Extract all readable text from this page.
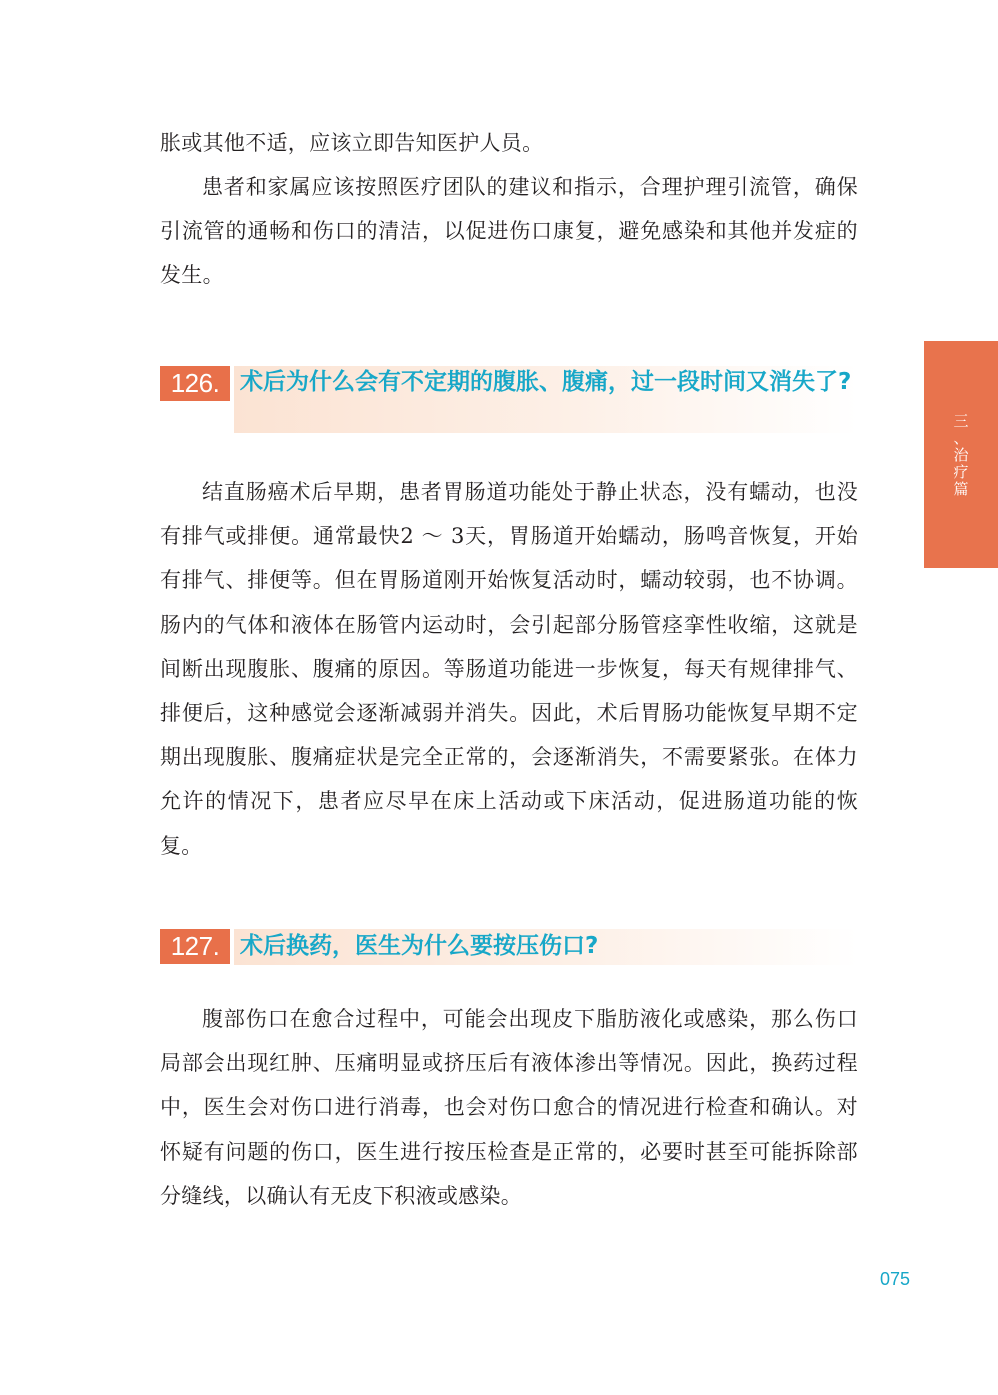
胀或其他不适，应该立即告知医护人员。

患者和家属应该按照医疗团队的建议和指示，合理护理引流管，确保引流管的通畅和伤口的清洁，以促进伤口康复，避免感染和其他并发症的发生。

126. 术后为什么会有不定期的腹胀、腹痛，过一段时间又消失了?

结直肠癌术后早期，患者胃肠道功能处于静止状态，没有蠕动，也没有排气或排便。通常最快2 ～ 3天，胃肠道开始蠕动，肠鸣音恢复，开始有排气、排便等。但在胃肠道刚开始恢复活动时，蠕动较弱，也不协调。肠内的气体和液体在肠管内运动时，会引起部分肠管痉挛性收缩，这就是间断出现腹胀、腹痛的原因。等肠道功能进一步恢复，每天有规律排气、排便后，这种感觉会逐渐减弱并消失。因此，术后胃肠功能恢复早期不定期出现腹胀、腹痛症状是完全正常的，会逐渐消失，不需要紧张。在体力允许的情况下，患者应尽早在床上活动或下床活动，促进肠道功能的恢复。

127. 术后换药，医生为什么要按压伤口?

腹部伤口在愈合过程中，可能会出现皮下脂肪液化或感染，那么伤口局部会出现红肿、压痛明显或挤压后有液体渗出等情况。因此，换药过程中，医生会对伤口进行消毒，也会对伤口愈合的情况进行检查和确认。对怀疑有问题的伤口，医生进行按压检查是正常的，必要时甚至可能拆除部分缝线，以确认有无皮下积液或感染。

三
、
治
疗
篇
075
